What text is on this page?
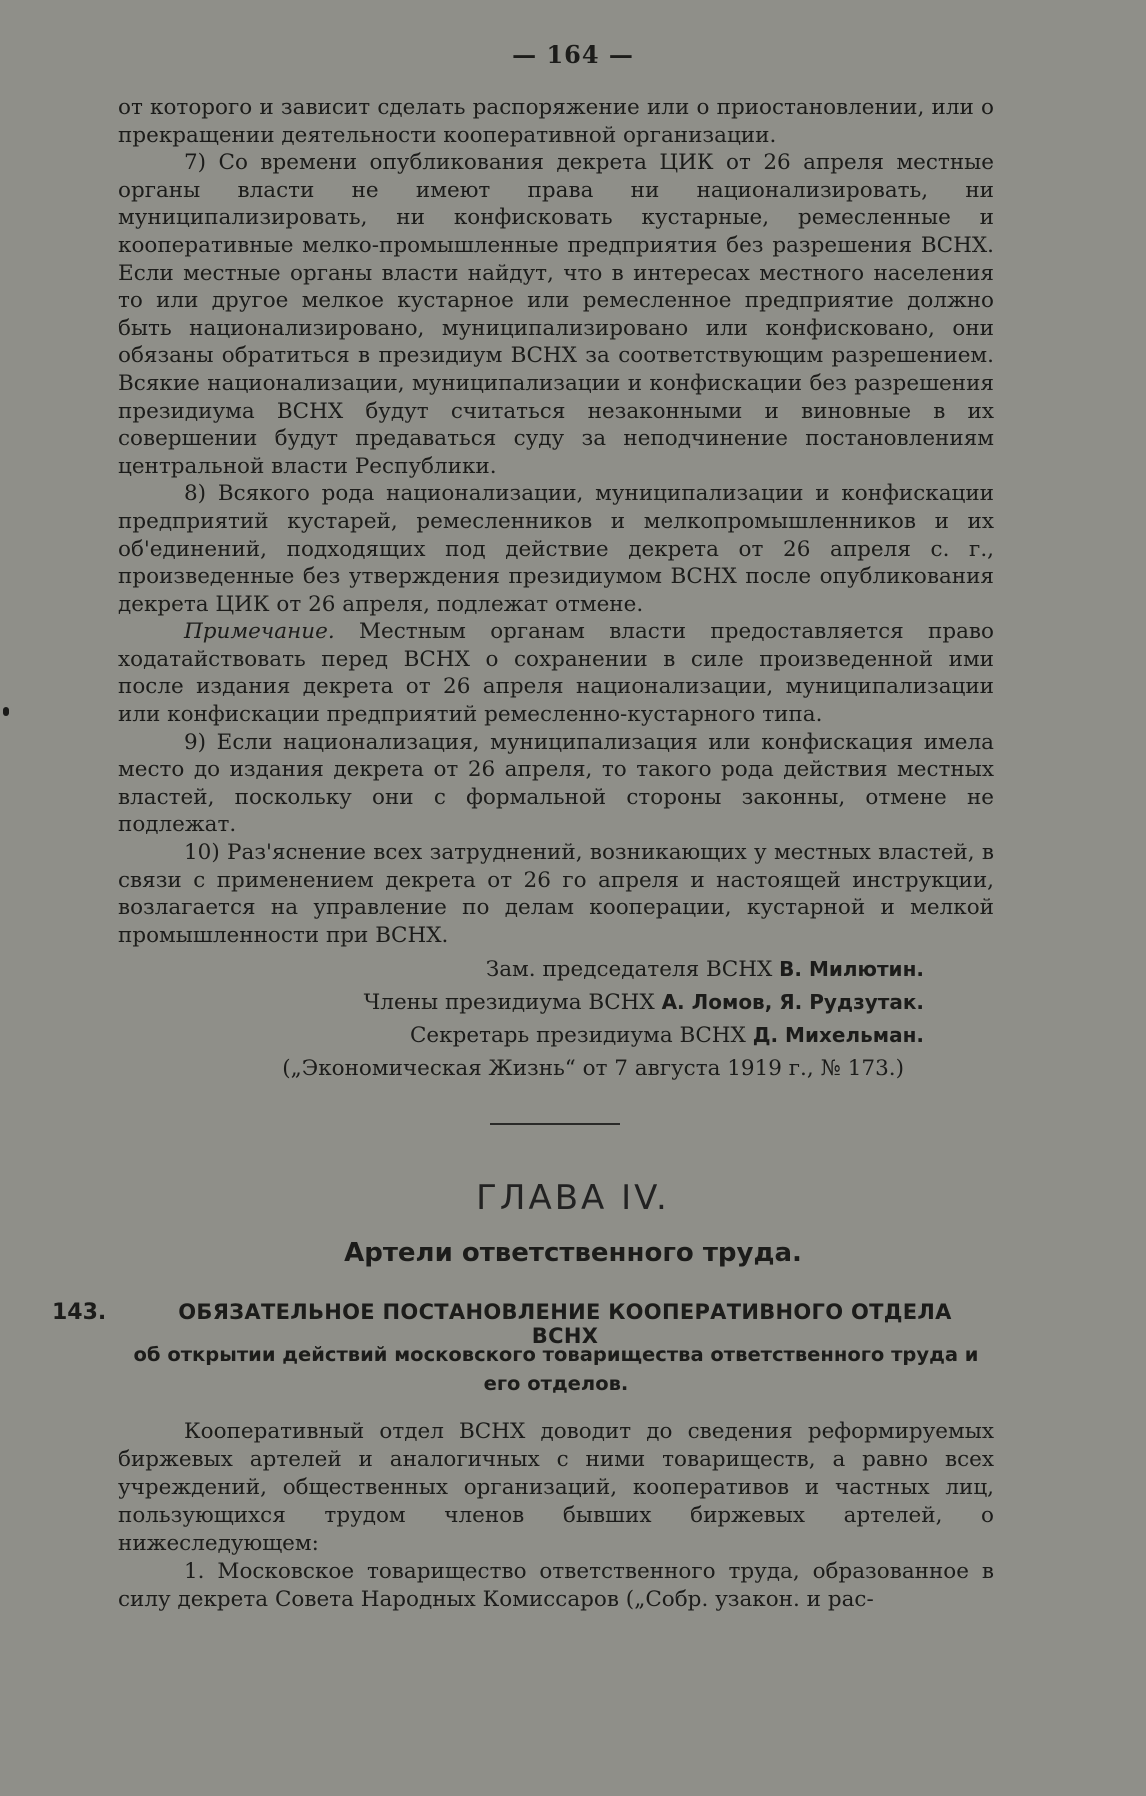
— 164 —

от которого и зависит сделать распоряжение или о приостановлении, или о прекращении деятельности кооперативной организации.

7) Со времени опубликования декрета ЦИК от 26 апреля местные органы власти не имеют права ни национализировать, ни муниципализировать, ни конфисковать кустарные, ремесленные и кооперативные мелко-промышленные предприятия без разрешения ВСНХ. Если местные органы власти найдут, что в интересах местного населения то или другое мелкое кустарное или ремесленное предприятие должно быть национализировано, муниципализировано или конфисковано, они обязаны обратиться в президиум ВСНХ за соответствующим разрешением. Всякие национализации, муниципализации и конфискации без разрешения президиума ВСНХ будут считаться незаконными и виновные в их совершении будут предаваться суду за неподчинение постановлениям центральной власти Республики.

8) Всякого рода национализации, муниципализации и конфискации предприятий кустарей, ремесленников и мелкопромышленников и их об'единений, подходящих под действие декрета от 26 апреля с. г., произведенные без утверждения президиумом ВСНХ после опубликования декрета ЦИК от 26 апреля, подлежат отмене.

Примечание. Местным органам власти предоставляется право ходатайствовать перед ВСНХ о сохранении в силе произведенной ими после издания декрета от 26 апреля национализации, муниципализации или конфискации предприятий ремесленно-кустарного типа.

9) Если национализация, муниципализация или конфискация имела место до издания декрета от 26 апреля, то такого рода действия местных властей, поскольку они с формальной стороны законны, отмене не подлежат.

10) Раз'яснение всех затруднений, возникающих у местных властей, в связи с применением декрета от 26 го апреля и настоящей инструкции, возлагается на управление по делам кооперации, кустарной и мелкой промышленности при ВСНХ.

Зам. председателя ВСНХ В. Милютин.
Члены президиума ВСНХ А. Ломов, Я. Рудзутак.
Секретарь президиума ВСНХ Д. Михельман.
(„Экономическая Жизнь“ от 7 августа 1919 г., № 173.)
ГЛАВА IV.
Артели ответственного труда.
143.	ОБЯЗАТЕЛЬНОЕ ПОСТАНОВЛЕНИЕ КООПЕРАТИВНОГО ОТДЕЛА ВСНХ
об открытии действий московского товарищества ответственного труда и его отделов.

Кооперативный отдел ВСНХ доводит до сведения реформируемых биржевых артелей и аналогичных с ними товариществ, а равно всех учреждений, общественных организаций, кооперативов и частных лиц, пользующихся трудом членов бывших биржевых артелей, о нижеследующем:

1. Московское товарищество ответственного труда, образованное в силу декрета Совета Народных Комиссаров („Собр. узакон. и рас-
